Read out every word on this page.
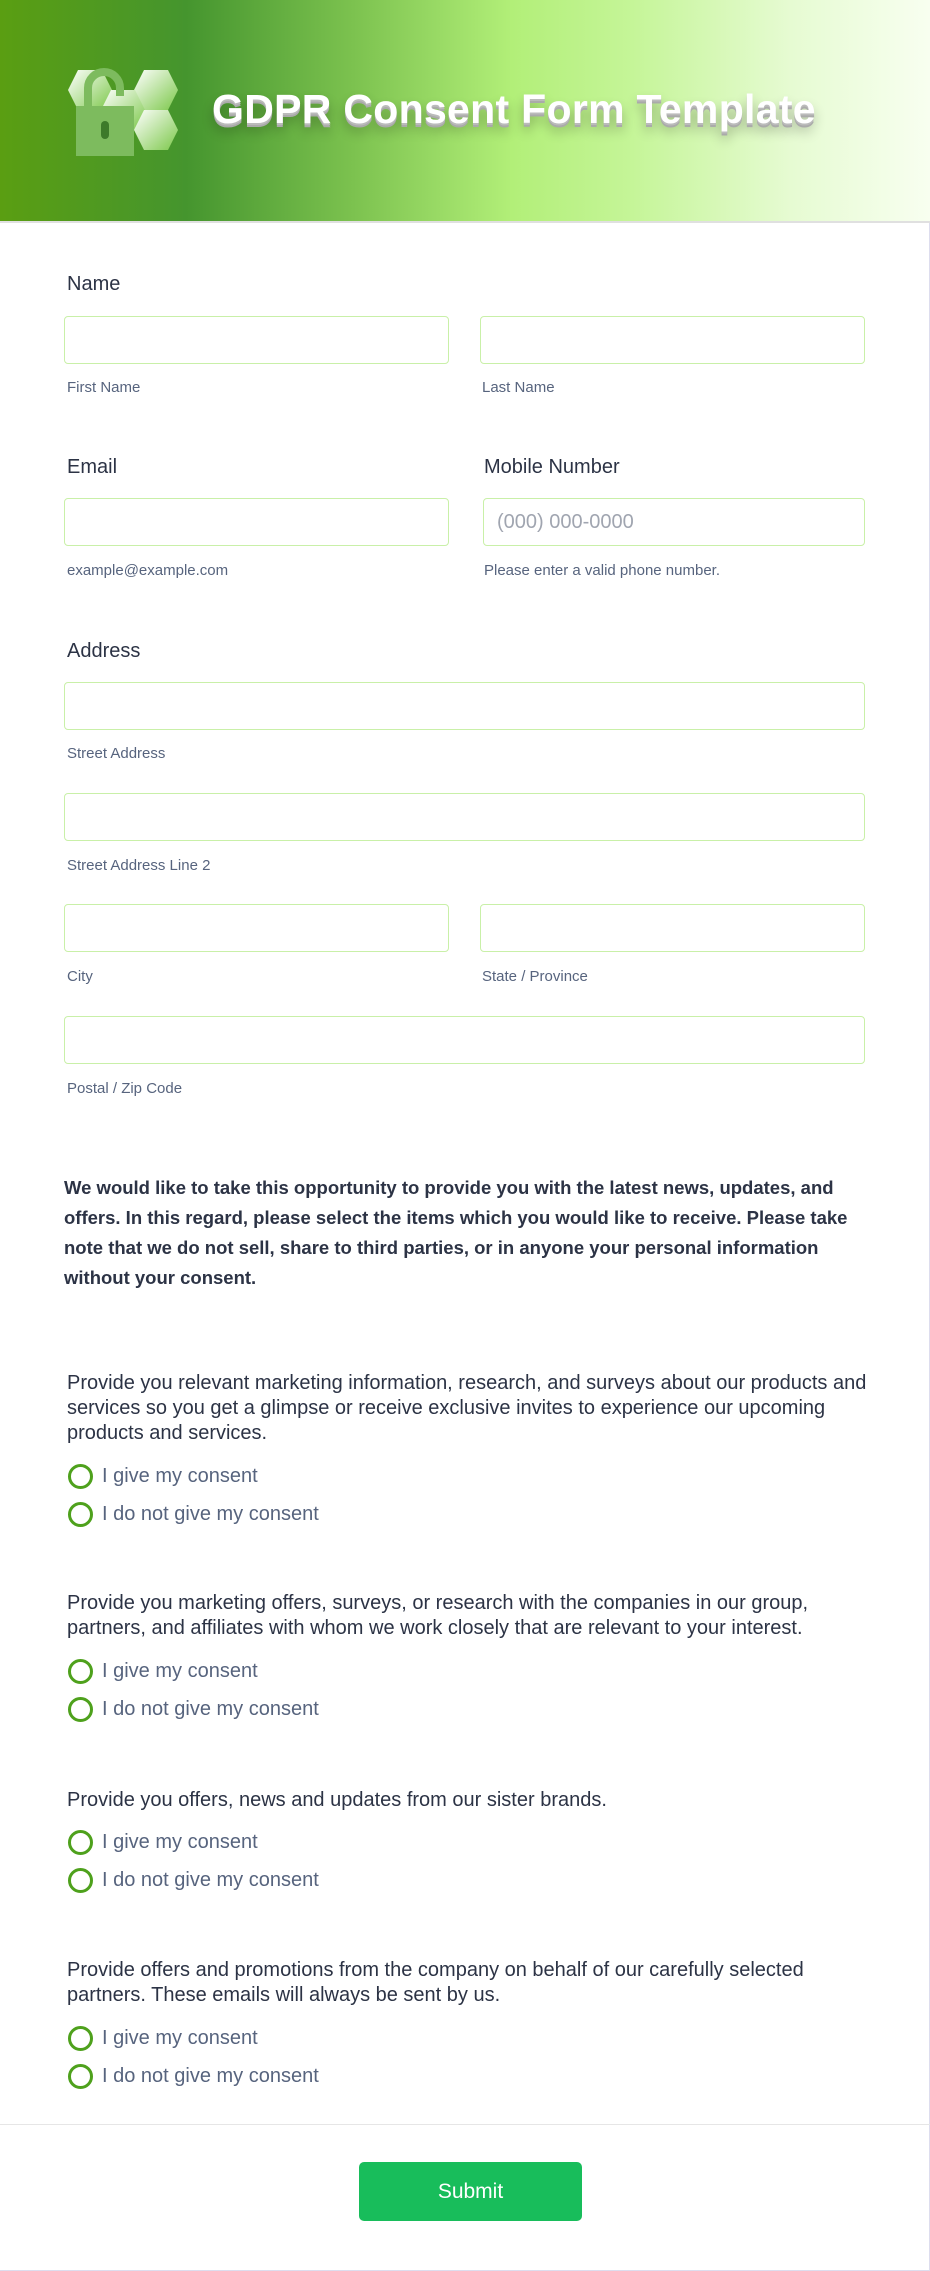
GDPR Consent Form Template
Name
First Name	Last Name
Email	Mobile Number
(000) 000-0000
example@example.com	Please enter a valid phone number.
Address
Street Address
Street Address Line 2
City	State / Province
Postal / Zip Code
We would like to take this opportunity to provide you with the latest news, updates, and offers. In this regard, please select the items which you would like to receive. Please take note that we do not sell, share to third parties, or in anyone your personal information without your consent.
Provide you relevant marketing information, research, and surveys about our products and services so you get a glimpse or receive exclusive invites to experience our upcoming products and services.
I give my consent
I do not give my consent
Provide you marketing offers, surveys, or research with the companies in our group, partners, and affiliates with whom we work closely that are relevant to your interest.
I give my consent
I do not give my consent
Provide you offers, news and updates from our sister brands.
I give my consent
I do not give my consent
Provide offers and promotions from the company on behalf of our carefully selected partners. These emails will always be sent by us.
I give my consent
I do not give my consent
Submit
